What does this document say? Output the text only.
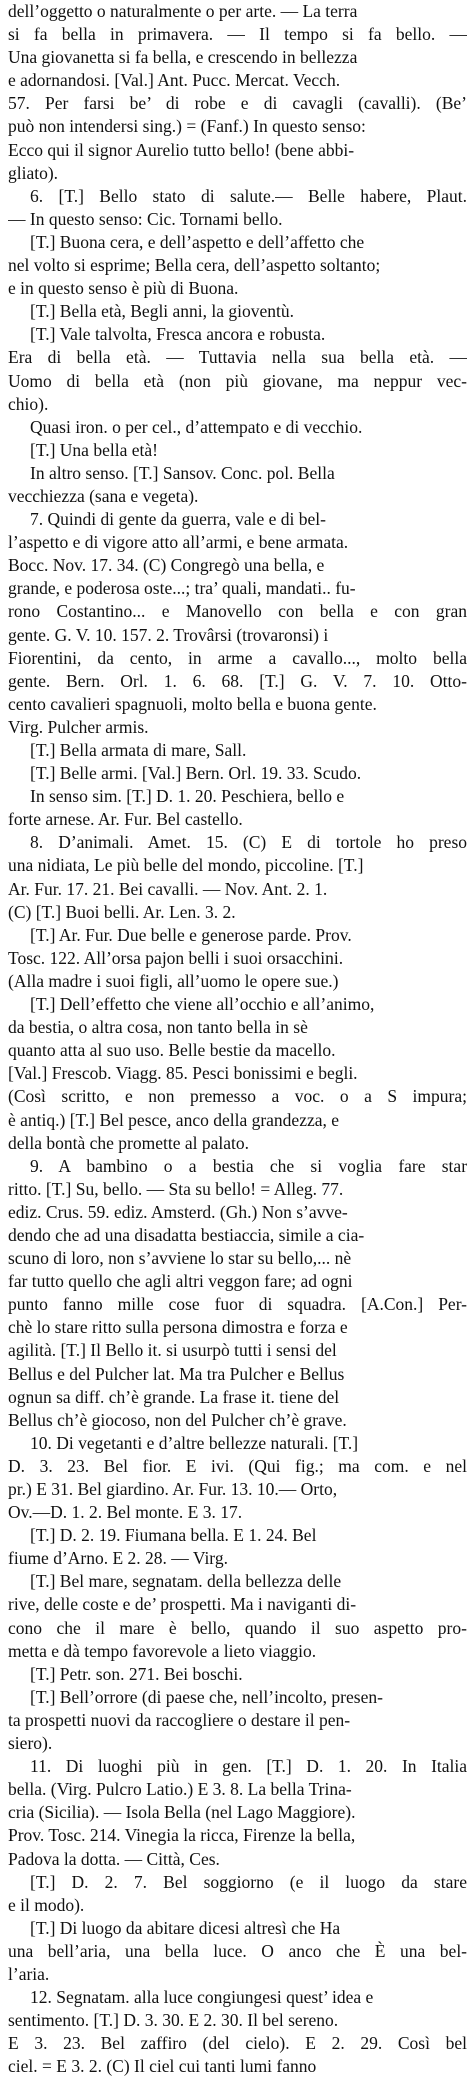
dell’oggetto o naturalmente o per arte. — La terra
si fa bella in primavera. — Il tempo si fa bello. —
Una giovanetta si fa bella, e crescendo in bellezza
e adornandosi. [Val.] Ant. Pucc. Mercat. Vecch.
57. Per farsi be’ di robe e di cavagli (cavalli). (Be’
può non intendersi sing.) = (Fanf.) In questo senso:
Ecco qui il signor Aurelio tutto bello! (bene abbi-
gliato).
6. [T.] Bello stato di salute.— Belle habere, Plaut.
— In questo senso: Cic. Tornami bello.
[T.] Buona cera, e dell’aspetto e dell’affetto che
nel volto si esprime; Bella cera, dell’aspetto soltanto;
e in questo senso è più di Buona.
[T.] Bella età, Begli anni, la gioventù.
[T.] Vale talvolta, Fresca ancora e robusta.
Era di bella età. — Tuttavia nella sua bella età. —
Uomo di bella età (non più giovane, ma neppur vec-
chio).
Quasi iron. o per cel., d’attempato e di vecchio.
[T.] Una bella età!
In altro senso. [T.] Sansov. Conc. pol. Bella
vecchiezza (sana e vegeta).
7. Quindi di gente da guerra, vale e di bel-
l’aspetto e di vigore atto all’armi, e bene armata.
Bocc. Nov. 17. 34. (C) Congregò una bella, e
grande, e poderosa oste...; tra’ quali, mandati.. fu-
rono Costantino... e Manovello con bella e con gran
gente. G. V. 10. 157. 2. Trovârsi (trovaronsi) i
Fiorentini, da cento, in arme a cavallo..., molto bella
gente. Bern. Orl. 1. 6. 68. [T.] G. V. 7. 10. Otto-
cento cavalieri spagnuoli, molto bella e buona gente.
Virg. Pulcher armis.
[T.] Bella armata di mare, Sall.
[T.] Belle armi. [Val.] Bern. Orl. 19. 33. Scudo.
In senso sim. [T.] D. 1. 20. Peschiera, bello e
forte arnese. Ar. Fur. Bel castello.
8. D’animali. Amet. 15. (C) E di tortole ho preso
una nidiata, Le più belle del mondo, piccoline. [T.]
Ar. Fur. 17. 21. Bei cavalli. — Nov. Ant. 2. 1.
(C) [T.] Buoi belli. Ar. Len. 3. 2.
[T.] Ar. Fur. Due belle e generose parde. Prov.
Tosc. 122. All’orsa pajon belli i suoi orsacchini.
(Alla madre i suoi figli, all’uomo le opere sue.)
[T.] Dell’effetto che viene all’occhio e all’animo,
da bestia, o altra cosa, non tanto bella in sè
quanto atta al suo uso. Belle bestie da macello.
[Val.] Frescob. Viagg. 85. Pesci bonissimi e begli.
(Così scritto, e non premesso a voc. o a S impura;
è antiq.) [T.] Bel pesce, anco della grandezza, e
della bontà che promette al palato.
9. A bambino o a bestia che si voglia fare star
ritto. [T.] Su, bello. — Sta su bello! = Alleg. 77.
ediz. Crus. 59. ediz. Amsterd. (Gh.) Non s’avve-
dendo che ad una disadatta bestiaccia, simile a cia-
scuno di loro, non s’avviene lo star su bello,... nè
far tutto quello che agli altri veggon fare; ad ogni
punto fanno mille cose fuor di squadra. [A.Con.] Per-
chè lo stare ritto sulla persona dimostra e forza e
agilità. [T.] Il Bello it. si usurpò tutti i sensi del
Bellus e del Pulcher lat. Ma tra Pulcher e Bellus
ognun sa diff. ch’è grande. La frase it. tiene del
Bellus ch’è giocoso, non del Pulcher ch’è grave.
10. Di vegetanti e d’altre bellezze naturali. [T.]
D. 3. 23. Bel fior. E ivi. (Qui fig.; ma com. e nel
pr.) E 31. Bel giardino. Ar. Fur. 13. 10.— Orto,
Ov.—D. 1. 2. Bel montе. E 3. 17.
[T.] D. 2. 19. Fiumana bella. E 1. 24. Bel
fiume d’Arno. E 2. 28. — Virg.
[T.] Bel mare, segnatam. della bellezza delle
rive, delle coste e de’ prospetti. Ma i naviganti di-
cono che il mare è bello, quando il suo aspetto pro-
metta e dà tempo favorevole a lieto viaggio.
[T.] Petr. son. 271. Bei boschi.
[T.] Bell’orrore (di paese che, nell’incolto, presen-
ta prospetti nuovi da raccogliere o destare il pen-
siero).
11. Di luoghi più in gen. [T.] D. 1. 20. In Italia
bella. (Virg. Pulcro Latio.) E 3. 8. La bella Trina-
cria (Sicilia). — Isola Bella (nel Lago Maggiore).
Prov. Tosc. 214. Vinegia la ricca, Firenze la bella,
Padova la dotta. — Città, Ces.
[T.] D. 2. 7. Bel soggiorno (e il luogo da stare
e il modo).
[T.] Di luogo da abitare dicesi altresì che Ha
una bell’aria, una bella luce. O anco che È una bel-
l’aria.
12. Segnatam. alla luce congiungesi quest’ idea e
sentimento. [T.] D. 3. 30. E 2. 30. Il bel sereno.
E 3. 23. Bel zaffiro (del cielo). E 2. 29. Così bel
ciel. = E 3. 2. (C) Il ciel cui tanti lumi fanno
